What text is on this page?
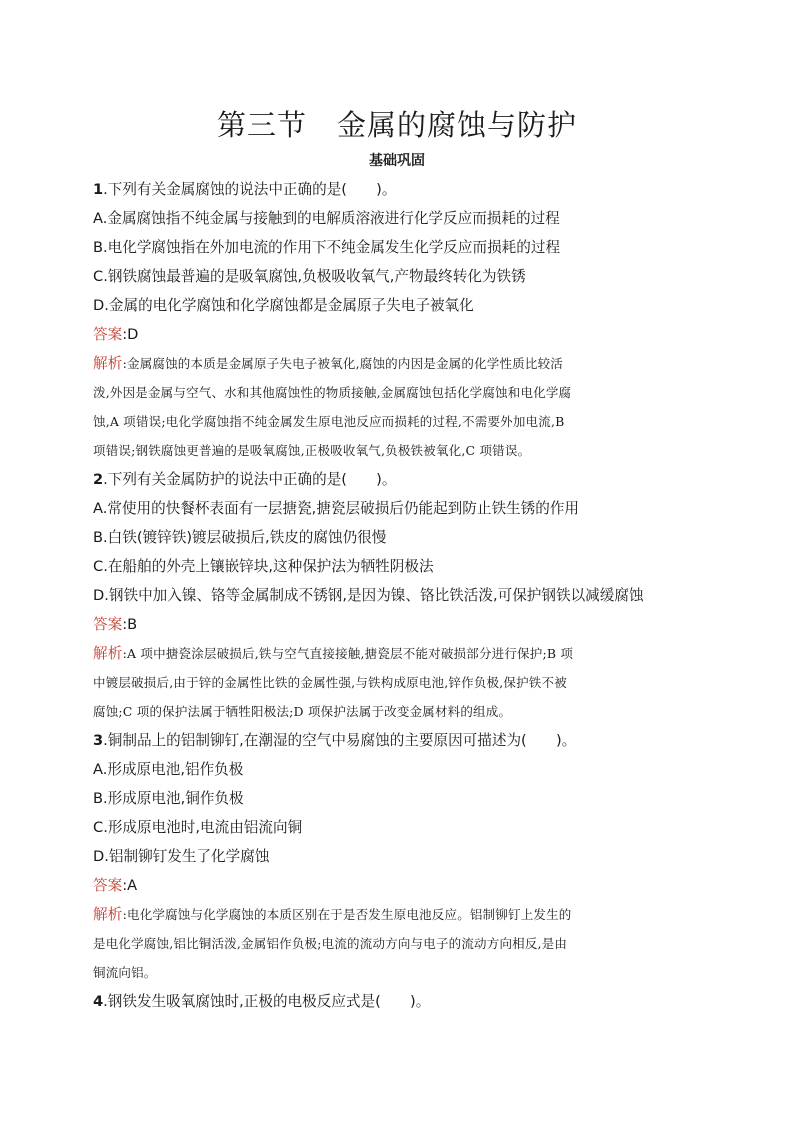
第三节　金属的腐蚀与防护
基础巩固
1.下列有关金属腐蚀的说法中正确的是(　　)。
A.金属腐蚀指不纯金属与接触到的电解质溶液进行化学反应而损耗的过程
B.电化学腐蚀指在外加电流的作用下不纯金属发生化学反应而损耗的过程
C.钢铁腐蚀最普遍的是吸氧腐蚀,负极吸收氧气,产物最终转化为铁锈
D.金属的电化学腐蚀和化学腐蚀都是金属原子失电子被氧化
答案:D
解析:金属腐蚀的本质是金属原子失电子被氧化,腐蚀的内因是金属的化学性质比较活
泼,外因是金属与空气、水和其他腐蚀性的物质接触,金属腐蚀包括化学腐蚀和电化学腐
蚀,A 项错误;电化学腐蚀指不纯金属发生原电池反应而损耗的过程,不需要外加电流,B
项错误;钢铁腐蚀更普遍的是吸氧腐蚀,正极吸收氧气,负极铁被氧化,C 项错误。
2.下列有关金属防护的说法中正确的是(　　)。
A.常使用的快餐杯表面有一层搪瓷,搪瓷层破损后仍能起到防止铁生锈的作用
B.白铁(镀锌铁)镀层破损后,铁皮的腐蚀仍很慢
C.在船舶的外壳上镶嵌锌块,这种保护法为牺牲阴极法
D.钢铁中加入镍、铬等金属制成不锈钢,是因为镍、铬比铁活泼,可保护钢铁以减缓腐蚀
答案:B
解析:A 项中搪瓷涂层破损后,铁与空气直接接触,搪瓷层不能对破损部分进行保护;B 项
中镀层破损后,由于锌的金属性比铁的金属性强,与铁构成原电池,锌作负极,保护铁不被
腐蚀;C 项的保护法属于牺牲阳极法;D 项保护法属于改变金属材料的组成。
3.铜制品上的铝制铆钉,在潮湿的空气中易腐蚀的主要原因可描述为(　　)。
A.形成原电池,铝作负极
B.形成原电池,铜作负极
C.形成原电池时,电流由铝流向铜
D.铝制铆钉发生了化学腐蚀
答案:A
解析:电化学腐蚀与化学腐蚀的本质区别在于是否发生原电池反应。铝制铆钉上发生的
是电化学腐蚀,铝比铜活泼,金属铝作负极;电流的流动方向与电子的流动方向相反,是由
铜流向铝。
4.钢铁发生吸氧腐蚀时,正极的电极反应式是(　　)。
